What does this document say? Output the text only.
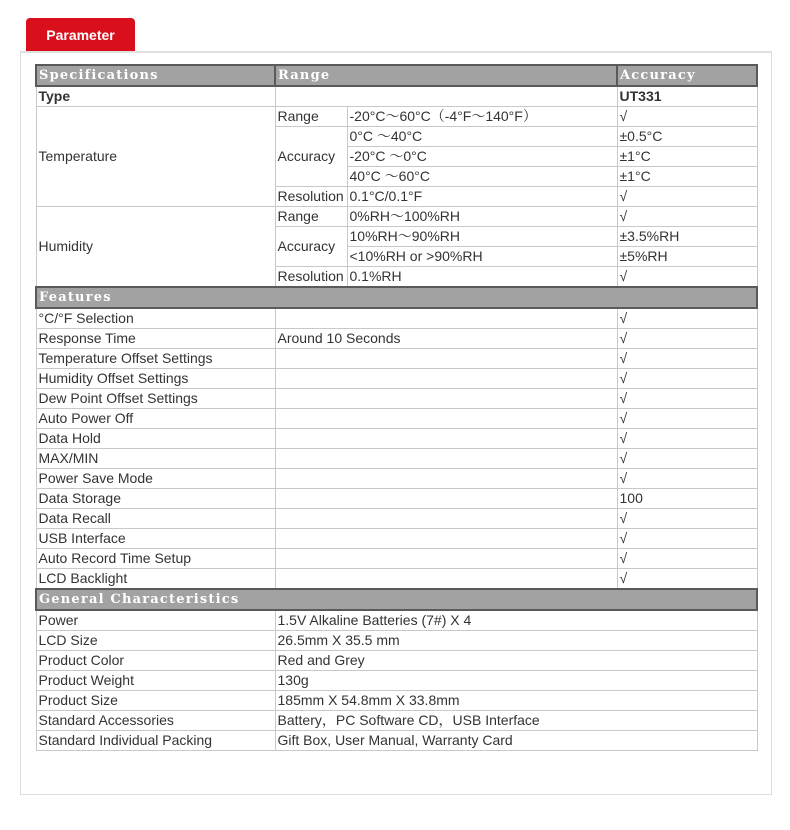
Parameter
Specifications	Range		Accuracy
Type			UT331
Temperature	Range	-20°C～60°C（-4°F～140°F）	√
	Accuracy	0°C ～40°C	±0.5°C
		-20°C ～0°C	±1°C
		40°C ～60°C	±1°C
	Resolution	0.1°C/0.1°F	√

Humidity	Range	0%RH～100%RH	√
	Accuracy	10%RH～90%RH	±3.5%RH
		<10%RH or >90%RH	±5%RH
	Resolution	0.1%RH	√

Features			
°C/°F Selection			√
Response Time	Around 10 Seconds		√
Temperature Offset Settings			√
Humidity Offset Settings			√
Dew Point Offset Settings			√
Auto Power Off			√
Data Hold			√
MAX/MIN			√
Power Save Mode			√
Data Storage			100
Data Recall			√
USB Interface			√
Auto Record Time Setup			√
LCD Backlight			√
General Characteristics			
Power	1.5V Alkaline Batteries (7#) X 4		
LCD Size	26.5mm X 35.5 mm		
Product Color	Red and Grey		
Product Weight	130g		
Product Size	185mm X 54.8mm X 33.8mm		
Standard Accessories	Battery，PC Software CD，USB Interface		
Standard Individual Packing	Gift Box, User Manual, Warranty Card		
